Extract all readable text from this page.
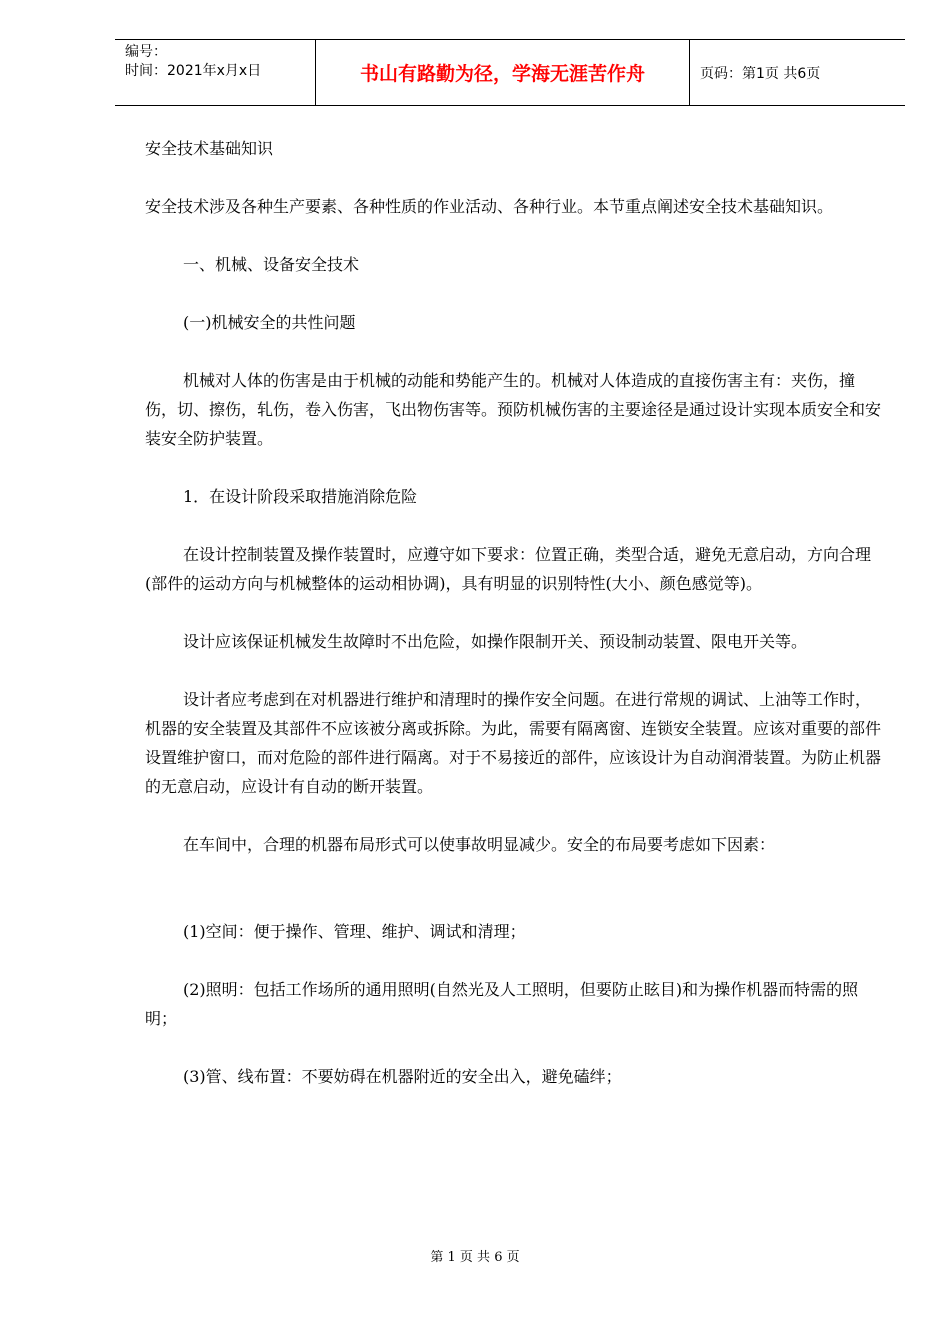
编号：
时间：2021年x月x日	书山有路勤为径，学海无涯苦作舟	页码：第1页 共6页

安全技术基础知识

安全技术涉及各种生产要素、各种性质的作业活动、各种行业。本节重点阐述安全技术基础知识。

一、机械、设备安全技术

(一)机械安全的共性问题

机械对人体的伤害是由于机械的动能和势能产生的。机械对人体造成的直接伤害主有：夹伤，撞伤，切、擦伤，轧伤，卷入伤害，飞出物伤害等。预防机械伤害的主要途径是通过设计实现本质安全和安装安全防护装置。

1．在设计阶段采取措施消除危险

在设计控制装置及操作装置时，应遵守如下要求：位置正确，类型合适，避免无意启动，方向合理(部件的运动方向与机械整体的运动相协调)，具有明显的识别特性(大小、颜色感觉等)。

设计应该保证机械发生故障时不出危险，如操作限制开关、预设制动装置、限电开关等。

设计者应考虑到在对机器进行维护和清理时的操作安全问题。在进行常规的调试、上油等工作时，机器的安全装置及其部件不应该被分离或拆除。为此，需要有隔离窗、连锁安全装置。应该对重要的部件设置维护窗口，而对危险的部件进行隔离。对于不易接近的部件，应该设计为自动润滑装置。为防止机器的无意启动，应设计有自动的断开装置。

在车间中，合理的机器布局形式可以使事故明显减少。安全的布局要考虑如下因素：

(1)空间：便于操作、管理、维护、调试和清理；

(2)照明：包括工作场所的通用照明(自然光及人工照明，但要防止眩目)和为操作机器而特需的照明；

(3)管、线布置：不要妨碍在机器附近的安全出入，避免磕绊；

第 1 页 共 6 页
